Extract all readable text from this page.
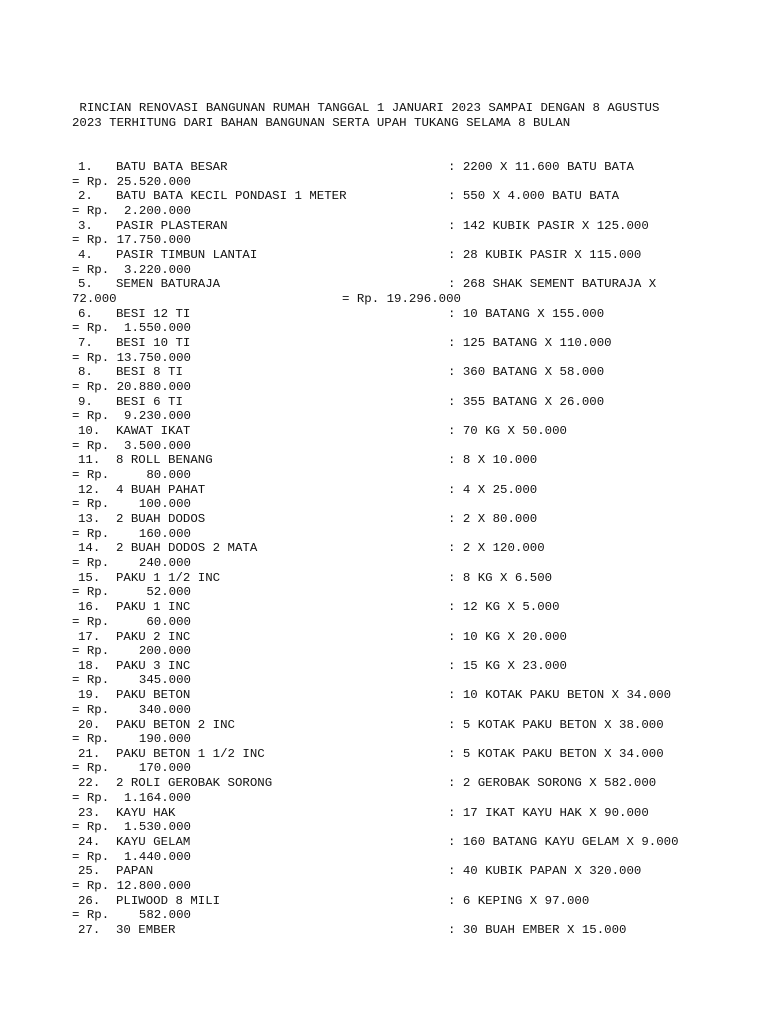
RINCIAN RENOVASI BANGUNAN RUMAH TANGGAL 1 JANUARI 2023 SAMPAI DENGAN 8 AGUSTUS
2023 TERHITUNG DARI BAHAN BANGUNAN SERTA UPAH TUKANG SELAMA 8 BULAN
1. BATU BATA BESAR	: 2200 X 11.600 BATU BATA
= Rp. 25.520.000
2. BATU BATA KECIL PONDASI 1 METER	: 550 X 4.000 BATU BATA
= Rp.  2.200.000
3. PASIR PLASTERAN	: 142 KUBIK PASIR X 125.000
= Rp. 17.750.000
4. PASIR TIMBUN LANTAI	: 28 KUBIK PASIR X 115.000
= Rp.  3.220.000
5. SEMEN BATURAJA	: 268 SHAK SEMENT BATURAJA X
72.000	= Rp. 19.296.000
6. BESI 12 TI	: 10 BATANG X 155.000
= Rp.  1.550.000
7. BESI 10 TI	: 125 BATANG X 110.000
= Rp. 13.750.000
8. BESI 8 TI	: 360 BATANG X 58.000
= Rp. 20.880.000
9. BESI 6 TI	: 355 BATANG X 26.000
= Rp.  9.230.000
10. KAWAT IKAT	: 70 KG X 50.000
= Rp.  3.500.000
11. 8 ROLL BENANG	: 8 X 10.000
= Rp.     80.000
12. 4 BUAH PAHAT	: 4 X 25.000
= Rp.    100.000
13. 2 BUAH DODOS	: 2 X 80.000
= Rp.    160.000
14. 2 BUAH DODOS 2 MATA	: 2 X 120.000
= Rp.    240.000
15. PAKU 1 1/2 INC	: 8 KG X 6.500
= Rp.     52.000
16. PAKU 1 INC	: 12 KG X 5.000
= Rp.     60.000
17. PAKU 2 INC	: 10 KG X 20.000
= Rp.    200.000
18. PAKU 3 INC	: 15 KG X 23.000
= Rp.    345.000
19. PAKU BETON	: 10 KOTAK PAKU BETON X 34.000
= Rp.    340.000
20. PAKU BETON 2 INC	: 5 KOTAK PAKU BETON X 38.000
= Rp.    190.000
21. PAKU BETON 1 1/2 INC	: 5 KOTAK PAKU BETON X 34.000
= Rp.    170.000
22. 2 ROLI GEROBAK SORONG	: 2 GEROBAK SORONG X 582.000
= Rp.  1.164.000
23. KAYU HAK	: 17 IKAT KAYU HAK X 90.000
= Rp.  1.530.000
24. KAYU GELAM	: 160 BATANG KAYU GELAM X 9.000
= Rp.  1.440.000
25. PAPAN	: 40 KUBIK PAPAN X 320.000
= Rp. 12.800.000
26. PLIWOOD 8 MILI	: 6 KEPING X 97.000
= Rp.    582.000
27. 30 EMBER	: 30 BUAH EMBER X 15.000
